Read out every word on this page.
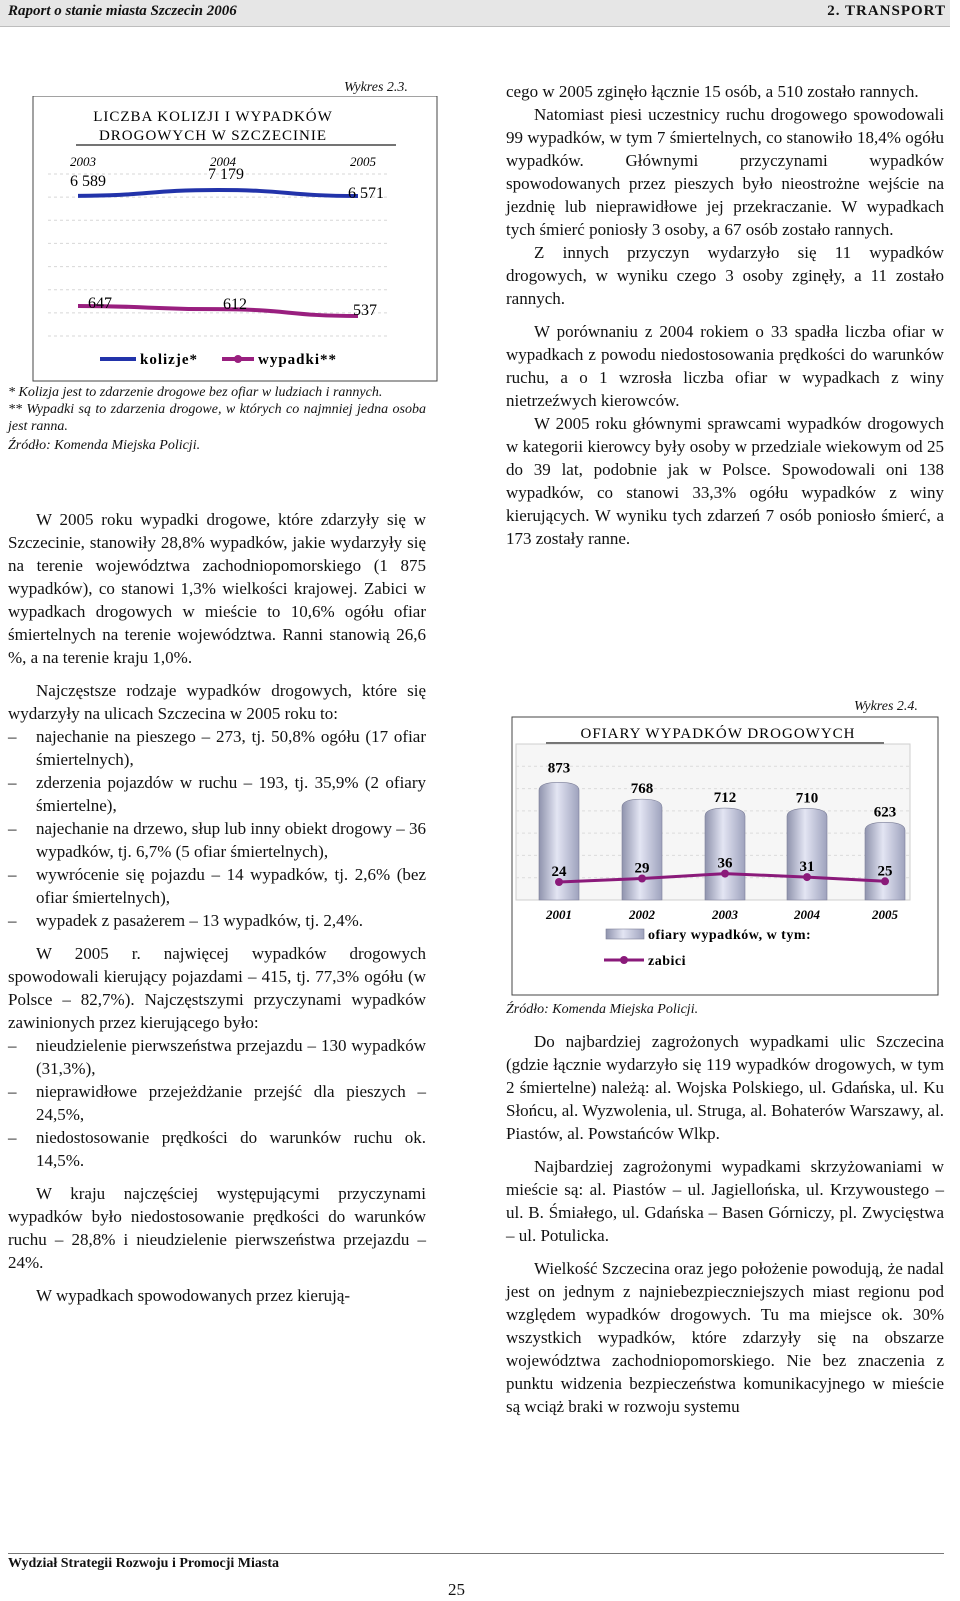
Raport o stanie miasta Szczecin 2006	2. TRANSPORT
Wykres 2.3.
LICZBA KOLIZJI I WYPADKÓW
DROGOWYCH W SZCZECINIE
2003	2004	2005
6 589	7 179
6 571
647	612	537
kolizje*	wypadki**
* Kolizja jest to zdarzenie drogowe bez ofiar w ludziach i rannych.
** Wypadki są to zdarzenia drogowe, w których co najmniej jedna osoba jest ranna.
Źródło: Komenda Miejska Policji.

W 2005 roku wypadki drogowe, które zdarzyły się w Szczecinie, stanowiły 28,8% wypadków, jakie wydarzyły się na terenie województwa zachodniopomorskiego (1 875 wypadków), co stanowi 1,3% wielkości krajowej. Zabici w wypadkach drogowych w mieście to 10,6% ogółu ofiar śmiertelnych na terenie województwa. Ranni stanowią 26,6 %, a na terenie kraju 1,0%.

Najczęstsze rodzaje wypadków drogowych, które się wydarzyły na ulicach Szczecina w 2005 roku to:

– najechanie na pieszego – 273, tj. 50,8% ogółu (17 ofiar śmiertelnych),
– zderzenia pojazdów w ruchu – 193, tj. 35,9% (2 ofiary śmiertelne),
– najechanie na drzewo, słup lub inny obiekt drogowy – 36 wypadków, tj. 6,7% (5 ofiar śmiertelnych),
– wywrócenie się pojazdu – 14 wypadków, tj. 2,6% (bez ofiar śmiertelnych),
– wypadek z pasażerem – 13 wypadków, tj. 2,4%.

W 2005 r. najwięcej wypadków drogowych spowodowali kierujący pojazdami – 415, tj. 77,3% ogółu (w Polsce – 82,7%). Najczęstszymi przyczynami wypadków zawinionych przez kierującego było:

– nieudzielenie pierwszeństwa przejazdu – 130 wypadków (31,3%),
– nieprawidłowe przejeżdżanie przejść dla pieszych – 24,5%,
– niedostosowanie prędkości do warunków ruchu ok. 14,5%.

W kraju najczęściej występującymi przyczynami wypadków było niedostosowanie prędkości do warunków ruchu – 28,8% i nieudzielenie pierwszeństwa przejazdu – 24%.

W wypadkach spowodowanych przez kierują-

cego w 2005 zginęło łącznie 15 osób, a 510 zostało rannych.

Natomiast piesi uczestnicy ruchu drogowego spowodowali 99 wypadków, w tym 7 śmiertelnych, co stanowiło 18,4% ogółu wypadków. Głównymi przyczynami wypadków spowodowanych przez pieszych było nieostrożne wejście na jezdnię lub nieprawidłowe jej przekraczanie. W wypadkach tych śmierć poniosły 3 osoby, a 67 osób zostało rannych.

Z innych przyczyn wydarzyło się 11 wypadków drogowych, w wyniku czego 3 osoby zginęły, a 11 zostało rannych.

W porównaniu z 2004 rokiem o 33 spadła liczba ofiar w wypadkach z powodu niedostosowania prędkości do warunków ruchu, a o 1 wzrosła liczba ofiar w wypadkach z winy nietrzeźwych kierowców.

W 2005 roku głównymi sprawcami wypadków drogowych w kategorii kierowcy były osoby w przedziale wiekowym od 25 do 39 lat, podobnie jak w Polsce. Spowodowali oni 138 wypadków, co stanowi 33,3% ogółu wypadków z winy kierujących. W wyniku tych zdarzeń 7 osób poniosło śmierć, a 173 zostały ranne.

Wykres 2.4.
OFIARY WYPADKÓW DROGOWYCH
873
768
712	710
623
24	29	36	31	25
2001	2002	2003	2004	2005
ofiary wypadków, w tym:
zabici
Źródło: Komenda Miejska Policji.

Do najbardziej zagrożonych wypadkami ulic Szczecina (gdzie łącznie wydarzyło się 119 wypadków drogowych, w tym 2 śmiertelne) należą: al. Wojska Polskiego, ul. Gdańska, ul. Ku Słońcu, al. Wyzwolenia, ul. Struga, al. Bohaterów Warszawy, al. Piastów, al. Powstańców Wlkp.

Najbardziej zagrożonymi wypadkami skrzyżowaniami w mieście są: al. Piastów – ul. Jagiellońska, ul. Krzywoustego – ul. B. Śmiałego, ul. Gdańska – Basen Górniczy, pl. Zwycięstwa – ul. Potulicka.

Wielkość Szczecina oraz jego położenie powodują, że nadal jest on jednym z najniebezpieczniejszych miast regionu pod względem wypadków drogowych. Tu ma miejsce ok. 30% wszystkich wypadków, które zdarzyły się na obszarze województwa zachodniopomorskiego. Nie bez znaczenia z punktu widzenia bezpieczeństwa komunikacyjnego w mieście są wciąż braki w rozwoju systemu

Wydział Strategii Rozwoju i Promocji Miasta
25
